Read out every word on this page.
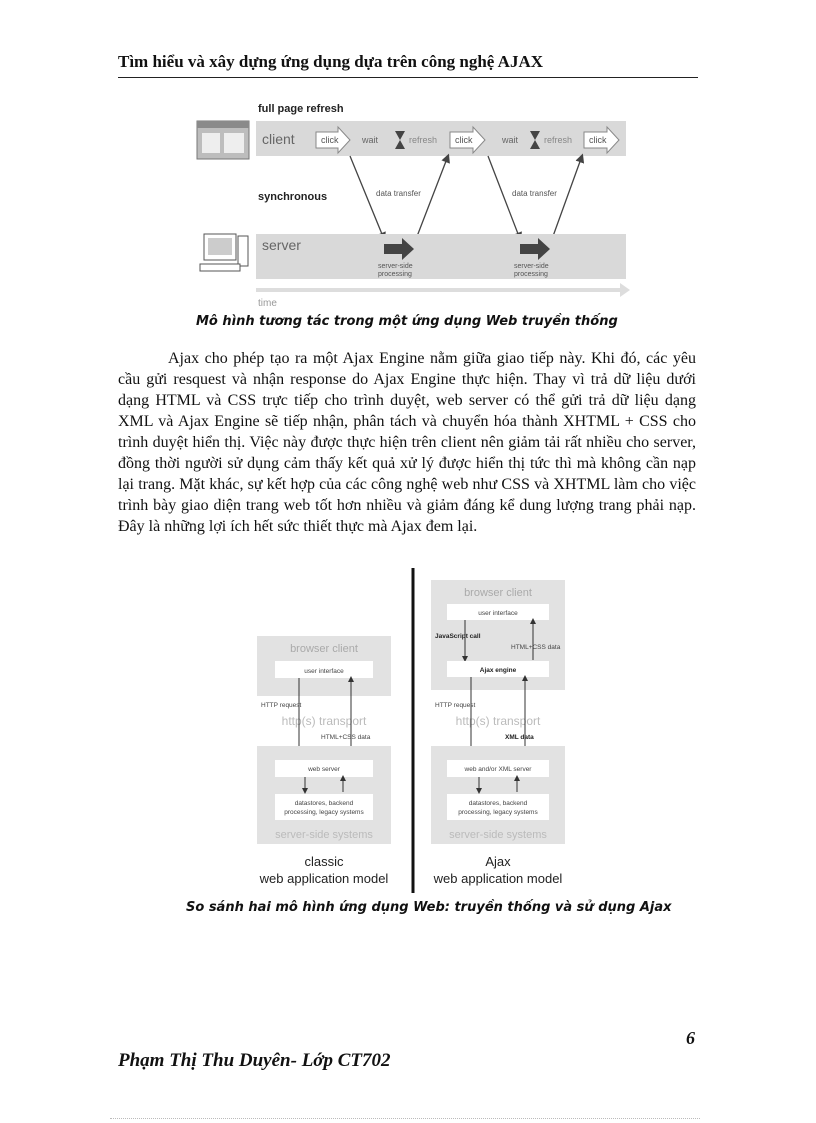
Tìm hiểu và xây dựng ứng dụng dựa trên công nghệ AJAX
full page refresh
client	click	wait	refresh click	wait	refresh click
synchronous	data transfer	data transfer
server
server-side
processing
server-side
processing
time
Mô hình tương tác trong một ứng dụng Web truyền thống

Ajax cho phép tạo ra một Ajax Engine nằm giữa giao tiếp này. Khi đó, các yêu cầu gửi resquest và nhận response do Ajax Engine thực hiện. Thay vì trả dữ liệu dưới dạng HTML và CSS trực tiếp cho trình duyệt, web server có thể gửi trả dữ liệu dạng XML và Ajax Engine sẽ tiếp nhận, phân tách và chuyển hóa thành XHTML + CSS cho trình duyệt hiển thị. Việc này được thực hiện trên client nên giảm tải rất nhiều cho server, đồng thời người sử dụng cảm thấy kết quả xử lý được hiển thị tức thì mà không cần nạp lại trang. Mặt khác, sự kết hợp của các công nghệ web như CSS và XHTML làm cho việc trình bày giao diện trang web tốt hơn nhiều và giảm đáng kể dung lượng trang phải nạp. Đây là những lợi ích hết sức thiết thực mà Ajax đem lại.

browser client
user interface
HTTP request
http(s) transport
HTML+CSS data
web server
datastores, backend
processing, legacy systems
server-side systems
classic
web application model
browser client
user interface
JavaScript call
HTML+CSS data
Ajax engine
HTTP request
http(s) transport
XML data
web and/or XML server
datastores, backend
processing, legacy systems
server-side systems
Ajax
web application model
So sánh hai mô hình ứng dụng Web: truyền thống và sử dụng Ajax
6
Phạm Thị Thu Duyên- Lớp CT702
